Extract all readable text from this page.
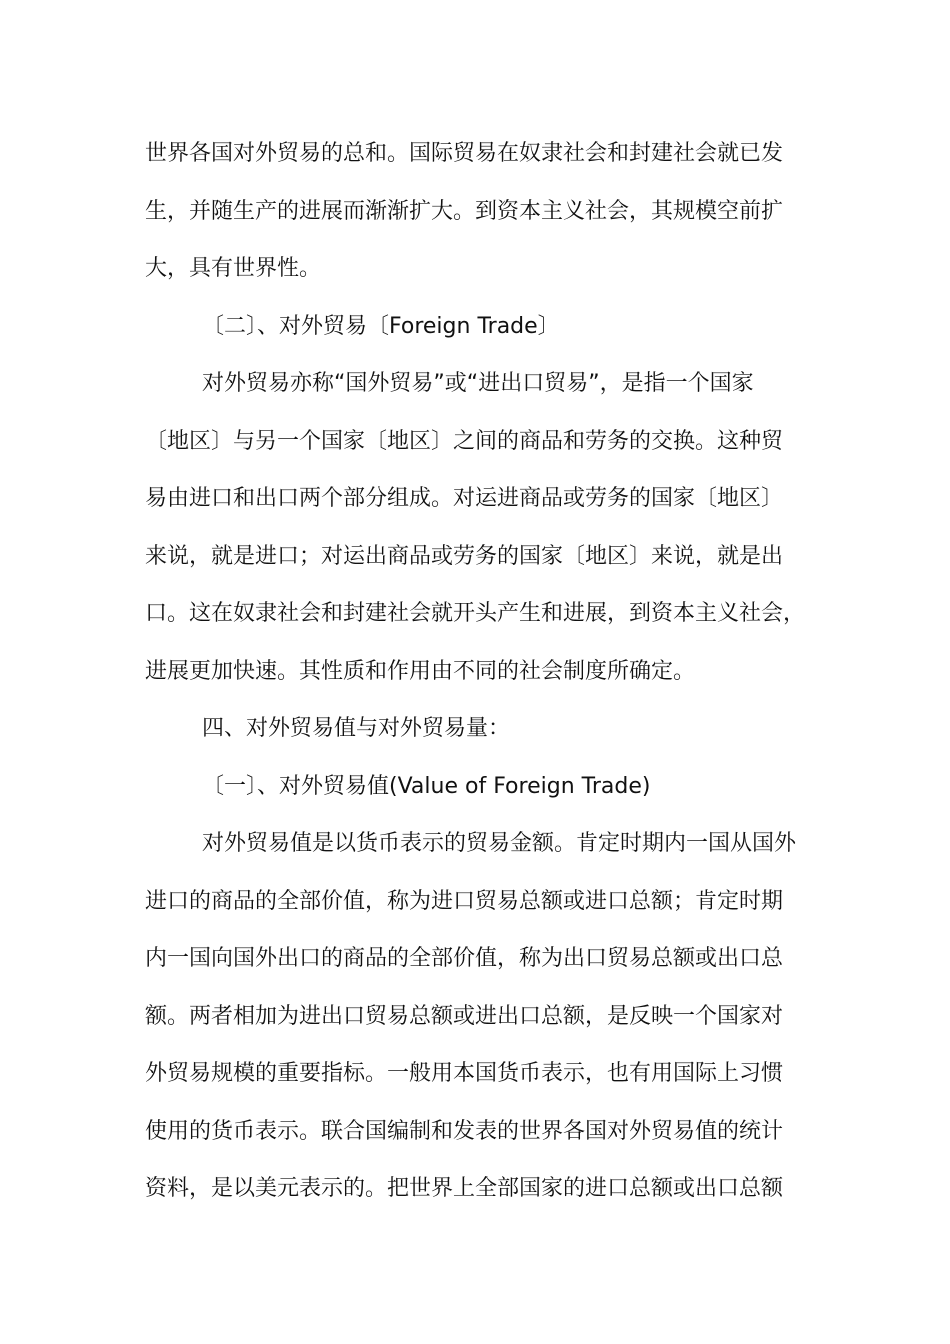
世界各国对外贸易的总和。国际贸易在奴隶社会和封建社会就已发
生，并随生产的进展而渐渐扩大。到资本主义社会，其规模空前扩
大，具有世界性。
〔二〕、对外贸易〔Foreign Trade〕
对外贸易亦称“国外贸易”或“进出口贸易”，是指一个国家
〔地区〕与另一个国家〔地区〕之间的商品和劳务的交换。这种贸
易由进口和出口两个部分组成。对运进商品或劳务的国家〔地区〕
来说，就是进口；对运出商品或劳务的国家〔地区〕来说，就是出
口。这在奴隶社会和封建社会就开头产生和进展，到资本主义社会，
进展更加快速。其性质和作用由不同的社会制度所确定。
四、对外贸易值与对外贸易量：
〔一〕、对外贸易值(Value of Foreign Trade)
对外贸易值是以货币表示的贸易金额。肯定时期内一国从国外
进口的商品的全部价值，称为进口贸易总额或进口总额；肯定时期
内一国向国外出口的商品的全部价值，称为出口贸易总额或出口总
额。两者相加为进出口贸易总额或进出口总额，是反映一个国家对
外贸易规模的重要指标。一般用本国货币表示，也有用国际上习惯
使用的货币表示。联合国编制和发表的世界各国对外贸易值的统计
资料，是以美元表示的。把世界上全部国家的进口总额或出口总额
